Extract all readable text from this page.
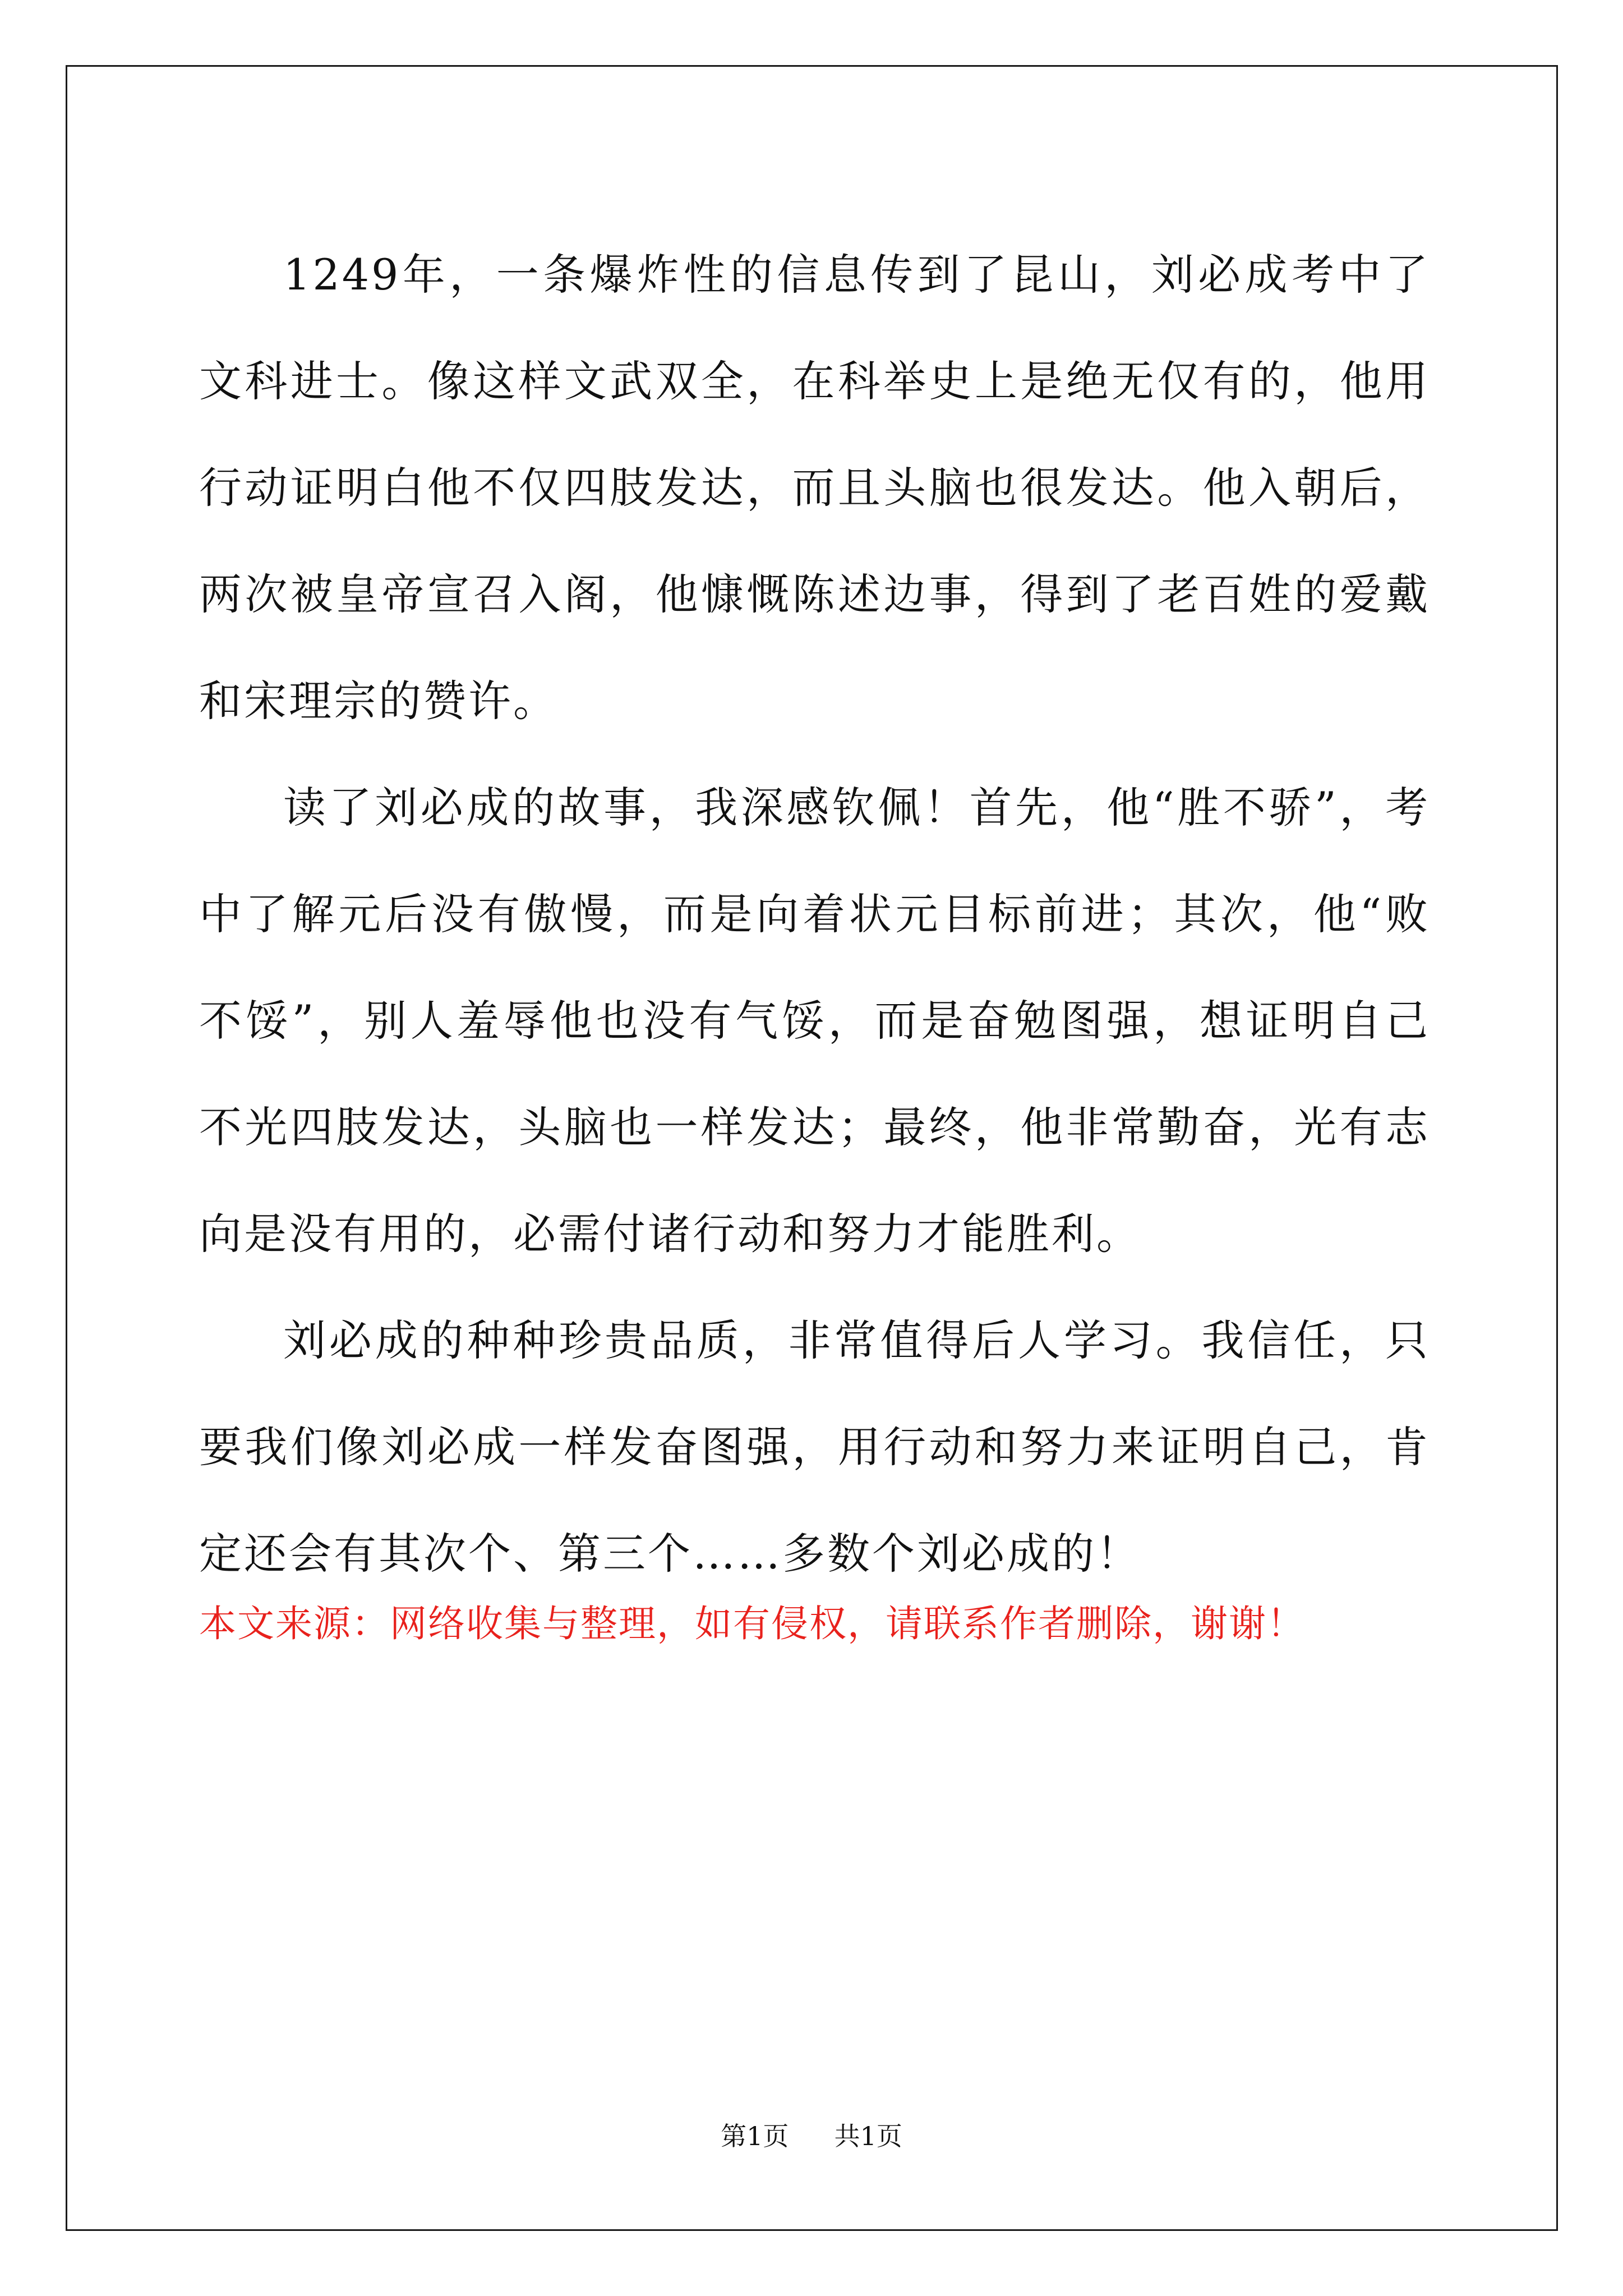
1249年，一条爆炸性的信息传到了昆山，刘必成考中了文科进士。像这样文武双全，在科举史上是绝无仅有的，他用行动证明白他不仅四肢发达，而且头脑也很发达。他入朝后，两次被皇帝宣召入阁，他慷慨陈述边事，得到了老百姓的爱戴和宋理宗的赞许。

读了刘必成的故事，我深感钦佩！首先，他“胜不骄”，考中了解元后没有傲慢，而是向着状元目标前进；其次，他“败不馁”，别人羞辱他也没有气馁，而是奋勉图强，想证明自己不光四肢发达，头脑也一样发达；最终，他非常勤奋，光有志向是没有用的，必需付诸行动和努力才能胜利。

刘必成的种种珍贵品质，非常值得后人学习。我信任，只要我们像刘必成一样发奋图强，用行动和努力来证明自己，肯定还会有其次个、第三个……多数个刘必成的！

本文来源：网络收集与整理，如有侵权，请联系作者删除，谢谢！

第1页 共1页
